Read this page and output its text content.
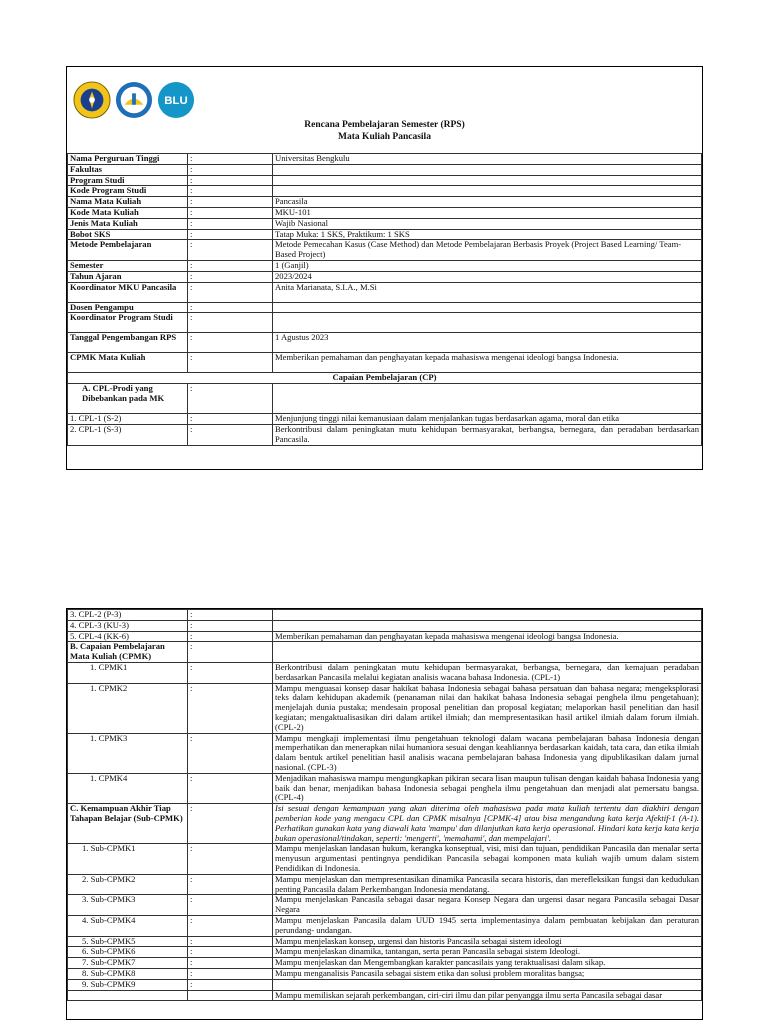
BLU
Rencana Pembelajaran Semester (RPS)
Mata Kuliah Pancasila
Nama Perguruan Tinggi	:	Universitas Bengkulu
Fakultas	:	
Program Studi	:	
Kode Program Studi	:	
Nama Mata Kuliah	:	Pancasila
Kode Mata Kuliah	:	MKU-101
Jenis Mata Kuliah	:	Wajib Nasional
Bobot SKS	:	Tatap Muka: 1 SKS, Praktikum: 1 SKS
Metode Pembelajaran	:	Metode Pemecahan Kasus (Case Method) dan Metode Pembelajaran Berbasis Proyek (Project Based Learning/ Team-Based Project)
Semester	:	1 (Ganjil)
Tahun Ajaran	:	2023/2024
Koordinator MKU Pancasila	:	Anita Marianata, S.I.A., M.Si
Dosen Pengampu	:	
Koordinator Program Studi	:	
Tanggal Pengembangan RPS	:	1 Agustus 2023
CPMK Mata Kuliah	:	Memberikan pemahaman dan penghayatan kepada mahasiswa mengenai ideologi bangsa Indonesia.
Capaian Pembelajaran (CP)		
A. CPL-Prodi yang Dibebankan pada MK	:	
1. CPL-1 (S-2)	:	Menjunjung tinggi nilai kemanusiaan dalam menjalankan tugas berdasarkan agama, moral dan etika
2. CPL-1 (S-3)	:	Berkontribusi dalam peningkatan mutu kehidupan bermasyarakat, berbangsa, bernegara, dan peradaban berdasarkan Pancasila.
3. CPL-2 (P-3)	:	
4. CPL-3 (KU-3)	:	
5. CPL-4 (KK-6)	:	Memberikan pemahaman dan penghayatan kepada mahasiswa mengenai ideologi bangsa Indonesia.
B. Capaian Pembelajaran Mata Kuliah (CPMK)	:	
1. CPMK1	:	Berkontribusi dalam peningkatan mutu kehidupan bermasyarakat, berbangsa, bernegara, dan kemajuan peradaban berdasarkan Pancasila melalui kegiatan analisis wacana bahasa Indonesia. (CPL-1)
1. CPMK2	:	Mampu menguasai konsep dasar hakikat bahasa Indonesia sebagai bahasa persatuan dan bahasa negara; mengeksplorasi teks dalam kehidupan akademik (penanaman nilai dan hakikat bahasa Indonesia sebagai penghela ilmu pengetahuan); menjelajah dunia pustaka; mendesain proposal penelitian dan proposal kegiatan; melaporkan hasil penelitian dan hasil kegiatan; mengaktualisasikan diri dalam artikel ilmiah; dan mempresentasikan hasil artikel ilmiah dalam forum ilmiah. (CPL-2)
1. CPMK3	:	Mampu mengkaji implementasi ilmu pengetahuan teknologi dalam wacana pembelajaran bahasa Indonesia dengan memperhatikan dan menerapkan nilai humaniora sesuai dengan keahliannya berdasarkan kaidah, tata cara, dan etika ilmiah dalam bentuk artikel penelitian hasil analisis wacana pembelajaran bahasa Indonesia yang dipublikasikan dalam jurnal nasional. (CPL-3)
1. CPMK4	:	Menjadikan mahasiswa mampu mengungkapkan pikiran secara lisan maupun tulisan dengan kaidah bahasa Indonesia yang baik dan benar, menjadikan bahasa Indonesia sebagai penghela ilmu pengetahuan dan menjadi alat pemersatu bangsa. (CPL-4)
C. Kemampuan Akhir Tiap Tahapan Belajar (Sub-CPMK)	:	Isi sesuai dengan kemampuan yang akan diterima oleh mahasiswa pada mata kuliah tertentu dan diakhiri dengan pemberian kode yang mengacu CPL dan CPMK misalnya [CPMK-4] atau bisa mengandung kata kerja Afektif-1 (A-1). Perhatikan gunakan kata yang diawali kata 'mampu' dan dilanjutkan kata kerja operasional. Hindari kata kerja kata kerja bukan operasional/tindakan, seperti: 'mengerti', 'memahami', dan mempelajari'.
1. Sub-CPMK1	:	Mampu menjelaskan landasan hukum, kerangka konseptual, visi, misi dan tujuan, pendidikan Pancasila dan menalar serta menyusun argumentasi pentingnya pendidikan Pancasila sebagai komponen mata kuliah wajib umum dalam sistem Pendidikan di Indonesia.
2. Sub-CPMK2	:	Mampu menjelaskan dan mempresentasikan dinamika Pancasila secara historis, dan merefleksikan fungsi dan kedudukan penting Pancasila dalam Perkembangan Indonesia mendatang.
3. Sub-CPMK3	:	Mampu menjelaskan Pancasila sebagai dasar negara Konsep Negara dan urgensi dasar negara Pancasila sebagai Dasar Negara
4. Sub-CPMK4	:	Mampu menjelaskan Pancasila dalam UUD 1945 serta implementasinya dalam pembuatan kebijakan dan peraturan perundang- undangan.
5. Sub-CPMK5	:	Mampu menjelaskan konsep, urgensi dan historis Pancasila sebagai sistem ideologi
6. Sub-CPMK6	:	Mampu menjelaskan dinamika, tantangan, serta peran Pancasila sebagai sistem Ideologi.
7. Sub-CPMK7	:	Mampu menjelaskan dan Mengembangkan karakter pancasilais yang teraktualisasi dalam sikap.
8. Sub-CPMK8	:	Mampu menganalisis Pancasila sebagai sistem etika dan solusi problem moralitas bangsa;
9. Sub-CPMK9	:	
		Mampu memiliskan sejarah perkembangan, ciri-ciri ilmu dan pilar penyangga ilmu serta Pancasila sebagai dasar
